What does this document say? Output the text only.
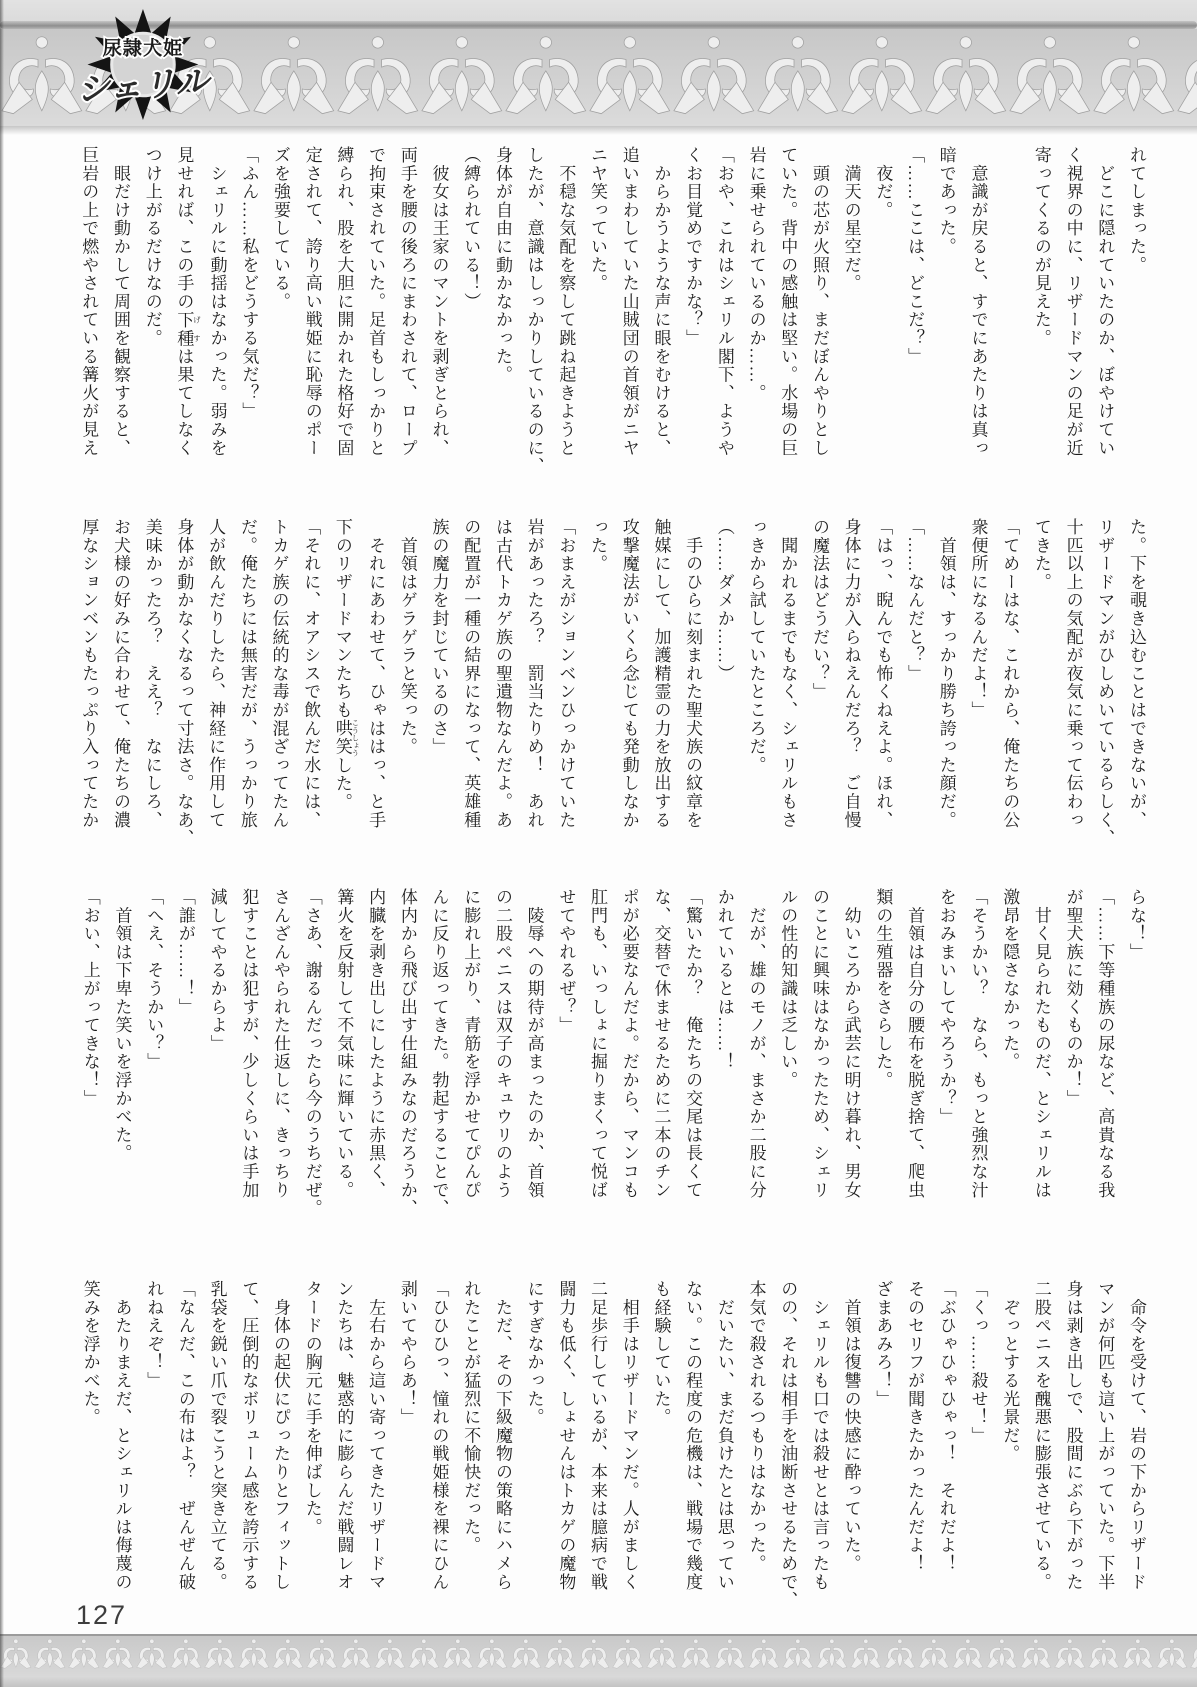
尿隷犬姫
シェリル
れてしまった。
　どこに隠れていたのか、ぼやけてい
く視界の中に、リザードマンの足が近
寄ってくるのが見えた。

　意識が戻ると、すでにあたりは真っ
暗であった。
「……ここは、どこだ？」
　夜だ。
　満天の星空だ。
　頭の芯が火照り、まだぼんやりとし
ていた。背中の感触は堅い。水場の巨
岩に乗せられているのか……。
「おや、これはシェリル閣下、ようや
くお目覚めですかな？」
　からかうような声に眼をむけると、
追いまわしていた山賊団の首領がニヤ
ニヤ笑っていた。
　不穏な気配を察して跳ね起きようと
したが、意識はしっかりしているのに、
身体が自由に動かなかった。
（縛られている！）
　彼女は王家のマントを剥ぎとられ、
両手を腰の後ろにまわされて、ロープ
で拘束されていた。足首もしっかりと
縛られ、股を大胆に開かれた格好で固
定されて、誇り高い戦姫に恥辱のポー
ズを強要している。
「ふん……私をどうする気だ？」
　シェリルに動揺はなかった。弱みを
見せれば、この手の下種 げすは果てしなく
つけ上がるだけなのだ。
　眼だけ動かして周囲を観察すると、
巨岩の上で燃やされている篝火が見え
た。下を覗き込むことはできないが、
リザードマンがひしめいているらしく、
十匹以上の気配が夜気に乗って伝わっ
てきた。
「てめーはな、これから、俺たちの公
衆便所になるんだよ！」
　首領は、すっかり勝ち誇った顔だ。
「……なんだと？」
「はっ、睨んでも怖くねえよ。ほれ、
身体に力が入らねえんだろ？　ご自慢
の魔法はどうだい？」
　聞かれるまでもなく、シェリルもさ
っきから試していたところだ。
（……ダメか……）
　手のひらに刻まれた聖犬族の紋章を
触媒にして、加護精霊の力を放出する
攻撃魔法がいくら念じても発動しなか
った。
「おまえがションベンひっかけていた
岩があったろ？　罰当たりめ！　あれ
は古代トカゲ族の聖遺物なんだよ。あ
の配置が一種の結界になって、英雄種
族の魔力を封じているのさ」
　首領はゲラゲラと笑った。
　それにあわせて、ひゃははっ、と手
下のリザードマンたちも哄笑 こうしょうした。
「それに、オアシスで飲んだ水には、
トカゲ族の伝統的な毒が混ざってたん
だ。俺たちには無害だが、うっかり旅
人が飲んだりしたら、神経に作用して
身体が動かなくなるって寸法さ。なあ、
美味かったろ？　ええ？　なにしろ、
お犬様の好みに合わせて、俺たちの濃
厚なションベンもたっぷり入ってたか
らな！」
「……下等種族の尿など、高貴なる我
が聖犬族に効くものか！」
　甘く見られたものだ、とシェリルは
激昂を隠さなかった。
「そうかい？　なら、もっと強烈な汁
をおみまいしてやろうか？」
　首領は自分の腰布を脱ぎ捨て、爬虫
類の生殖器をさらした。
　幼いころから武芸に明け暮れ、男女
のことに興味はなかったため、シェリ
ルの性的知識は乏しい。
　だが、雄のモノが、まさか二股に分
かれているとは……！
「驚いたか？　俺たちの交尾は長くて
な、交替で休ませるために二本のチン
ポが必要なんだよ。だから、マンコも
肛門も、いっしょに掘りまくって悦ば
せてやれるぜ？」
　陵辱への期待が高まったのか、首領
の二股ペニスは双子のキュウリのよう
に膨れ上がり、青筋を浮かせてぴんぴ
んに反り返ってきた。勃起することで、
体内から飛び出す仕組みなのだろうか、
内臓を剥き出しにしたように赤黒く、
篝火を反射して不気味に輝いている。
「さあ、謝るんだったら今のうちだぜ。
さんざんやられた仕返しに、きっちり
犯すことは犯すが、少しくらいは手加
減してやるからよ」
「誰が……！」
「へえ、そうかい？」
　首領は下卑た笑いを浮かべた。
「おい、上がってきな！」
　命令を受けて、岩の下からリザード
マンが何匹も這い上がっていた。下半
身は剥き出しで、股間にぶら下がった
二股ペニスを醜悪に膨張させている。
　ぞっとする光景だ。
「くっ……殺せ！」
「ぶひゃひゃひゃっ！　それだよ！
そのセリフが聞きたかったんだよ！
ざまあみろ！」
　首領は復讐の快感に酔っていた。
　シェリルも口では殺せとは言ったも
のの、それは相手を油断させるためで、
本気で殺されるつもりはなかった。
　だいたい、まだ負けたとは思ってい
ない。この程度の危機は、戦場で幾度
も経験していた。
　相手はリザードマンだ。人がましく
二足歩行しているが、本来は臆病で戦
闘力も低く、しょせんはトカゲの魔物
にすぎなかった。
　ただ、その下級魔物の策略にハメら
れたことが猛烈に不愉快だった。
「ひひひっ、憧れの戦姫様を裸にひん
剥いてやらあ！」
　左右から這い寄ってきたリザードマ
ンたちは、魅惑的に膨らんだ戦闘レオ
タードの胸元に手を伸ばした。
　身体の起伏にぴったりとフィットし
て、圧倒的なボリューム感を誇示する
乳袋を鋭い爪で裂こうと突き立てる。
「なんだ、この布はよ？　ぜんぜん破
れねえぞ！」
　あたりまえだ、とシェリルは侮蔑の
笑みを浮かべた。
127
